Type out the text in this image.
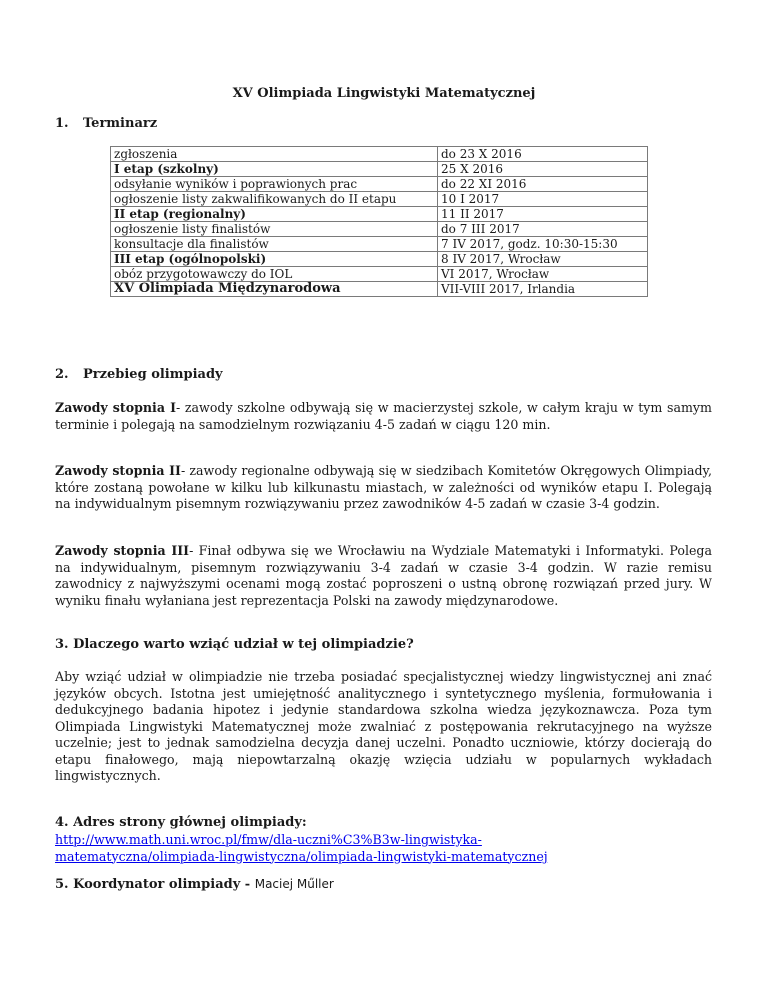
XV Olimpiada Lingwistyki Matematycznej
1. Terminarz
zgłoszenia	do 23 X 2016
I etap (szkolny)	25 X 2016
odsyłanie wyników i poprawionych prac	do 22 XI 2016
ogłoszenie listy zakwalifikowanych do II etapu	10 I 2017
II etap (regionalny)	11 II 2017
ogłoszenie listy finalistów	do 7 III 2017
konsultacje dla finalistów	7 IV 2017, godz. 10:30-15:30
III etap (ogólnopolski)	8 IV 2017, Wrocław
obóz przygotowawczy do IOL	VI 2017, Wrocław
XV Olimpiada Międzynarodowa	VII-VIII 2017, Irlandia
2. Przebieg olimpiady
Zawody stopnia I- zawody szkolne odbywają się w macierzystej szkole, w całym kraju w tym samym terminie i polegają na samodzielnym rozwiązaniu 4-5 zadań w ciągu 120 min.
Zawody stopnia II- zawody regionalne odbywają się w siedzibach Komitetów Okręgowych Olimpiady, które zostaną powołane w kilku lub kilkunastu miastach, w zależności od wyników etapu I. Polegają na indywidualnym pisemnym rozwiązywaniu przez zawodników 4-5 zadań w czasie 3-4 godzin.
Zawody stopnia III- Finał odbywa się we Wrocławiu na Wydziale Matematyki i Informatyki. Polega na indywidualnym, pisemnym rozwiązywaniu 3-4 zadań w czasie 3-4 godzin. W razie remisu zawodnicy z najwyższymi ocenami mogą zostać poproszeni o ustną obronę rozwiązań przed jury. W wyniku finału wyłaniana jest reprezentacja Polski na zawody międzynarodowe.
3. Dlaczego warto wziąć udział w tej olimpiadzie?
Aby wziąć udział w olimpiadzie nie trzeba posiadać specjalistycznej wiedzy lingwistycznej ani znać języków obcych. Istotna jest umiejętność analitycznego i syntetycznego myślenia, formułowania i dedukcyjnego badania hipotez i jedynie standardowa szkolna wiedza językoznawcza. Poza tym Olimpiada Lingwistyki Matematycznej może zwalniać z postępowania rekrutacyjnego na wyższe uczelnie; jest to jednak samodzielna decyzja danej uczelni. Ponadto uczniowie, którzy docierają do etapu finałowego, mają niepowtarzalną okazję wzięcia udziału w popularnych wykładach lingwistycznych.
4. Adres strony głównej olimpiady:
http://www.math.uni.wroc.pl/fmw/dla-uczni%C3%B3w-lingwistyka-
matematyczna/olimpiada-lingwistyczna/olimpiada-lingwistyki-matematycznej
5. Koordynator olimpiady - Maciej Műller
